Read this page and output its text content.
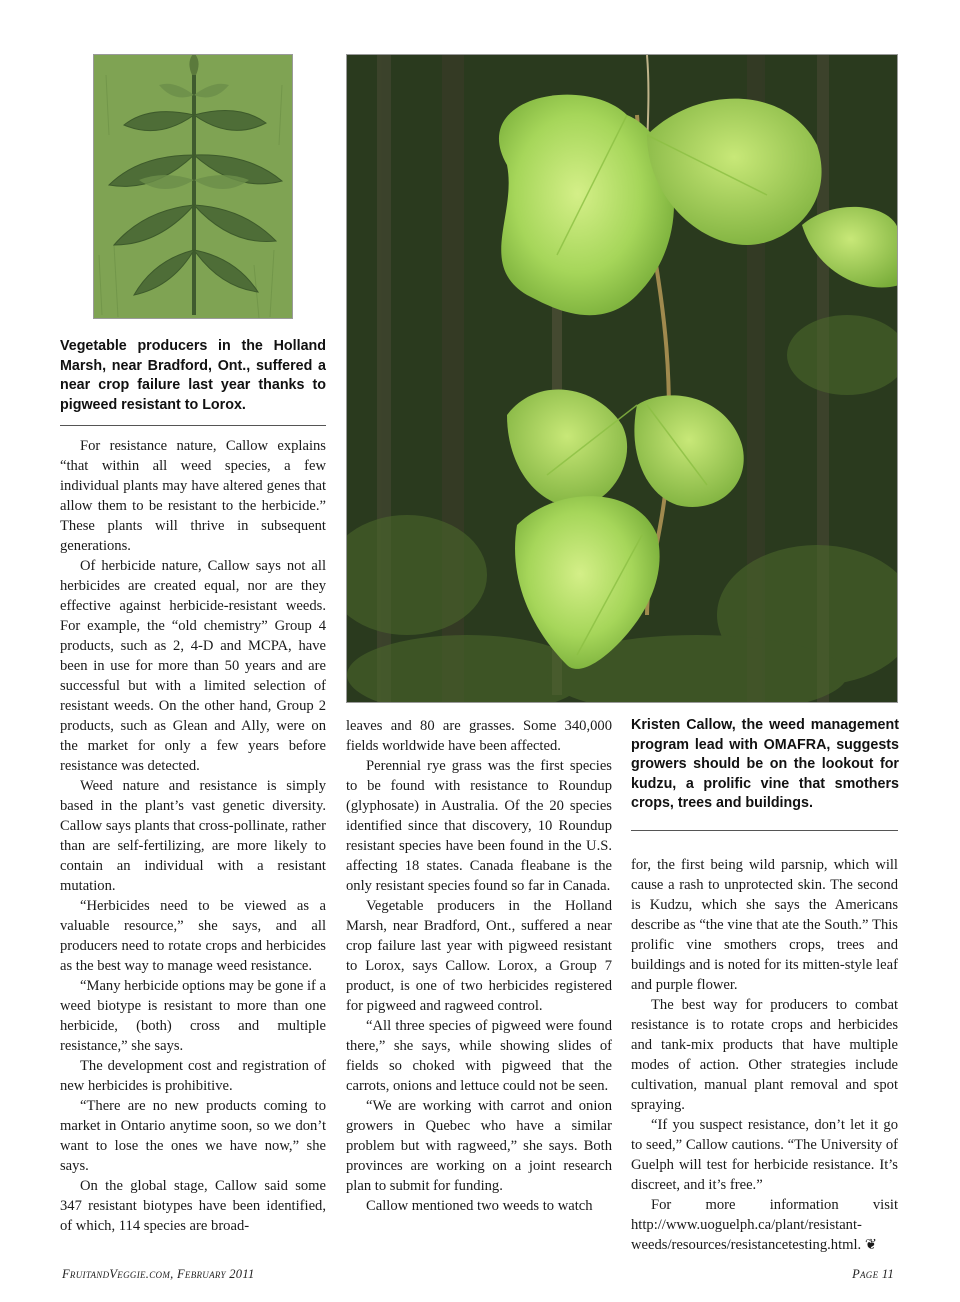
Vegetable producers in the Holland Marsh, near Bradford, Ont., suffered a near crop failure last year thanks to pigweed resistant to Lorox.
Kristen Callow, the weed management program lead with OMAFRA, suggests growers should be on the lookout for kudzu, a prolific vine that smothers crops, trees and buildings.

For resistance nature, Callow explains “that within all weed species, a few individual plants may have altered genes that allow them to be resistant to the herbicide.” These plants will thrive in subsequent generations.

Of herbicide nature, Callow says not all herbicides are created equal, nor are they effective against herbicide-resistant weeds. For example, the “old chemistry” Group 4 products, such as 2, 4-D and MCPA, have been in use for more than 50 years and are successful but with a limited selection of resistant weeds. On the other hand, Group 2 products, such as Glean and Ally, were on the market for only a few years before resistance was detected.

Weed nature and resistance is simply based in the plant’s vast genetic diversity. Callow says plants that cross-pollinate, rather than are self-fertilizing, are more likely to contain an individual with a resistant mutation.

“Herbicides need to be viewed as a valuable resource,” she says, and all producers need to rotate crops and herbicides as the best way to manage weed resistance.

“Many herbicide options may be gone if a weed biotype is resistant to more than one herbicide, (both) cross and multiple resistance,” she says.

The development cost and registration of new herbicides is prohibitive.

“There are no new products coming to market in Ontario anytime soon, so we don’t want to lose the ones we have now,” she says.

On the global stage, Callow said some 347 resistant biotypes have been identified, of which, 114 species are broad-

leaves and 80 are grasses. Some 340,000 fields worldwide have been affected.

Perennial rye grass was the first species to be found with resistance to Roundup (glyphosate) in Australia. Of the 20 species identified since that discovery, 10 Roundup resistant species have been found in the U.S. affecting 18 states. Canada fleabane is the only resistant species found so far in Canada.

Vegetable producers in the Holland Marsh, near Bradford, Ont., suffered a near crop failure last year with pigweed resistant to Lorox, says Callow. Lorox, a Group 7 product, is one of two herbicides registered for pigweed and ragweed control.

“All three species of pigweed were found there,” she says, while showing slides of fields so choked with pigweed that the carrots, onions and lettuce could not be seen.

“We are working with carrot and onion growers in Quebec who have a similar problem but with ragweed,” she says. Both provinces are working on a joint research plan to submit for funding.

Callow mentioned two weeds to watch

for, the first being wild parsnip, which will cause a rash to unprotected skin. The second is Kudzu, which she says the Americans describe as “the vine that ate the South.” This prolific vine smothers crops, trees and buildings and is noted for its mitten-style leaf and purple flower.

The best way for producers to combat resistance is to rotate crops and herbicides and tank-mix products that have multiple modes of action. Other strategies include cultivation, manual plant removal and spot spraying.

“If you suspect resistance, don’t let it go to seed,” Callow cautions. “The University of Guelph will test for herbicide resistance. It’s discreet, and it’s free.”

For more information visit http://www.uoguelph.ca/plant/resistant-weeds/resources/resistancetesting.html. ❦

FruitandVeggie.com, February 2011	Page 11
